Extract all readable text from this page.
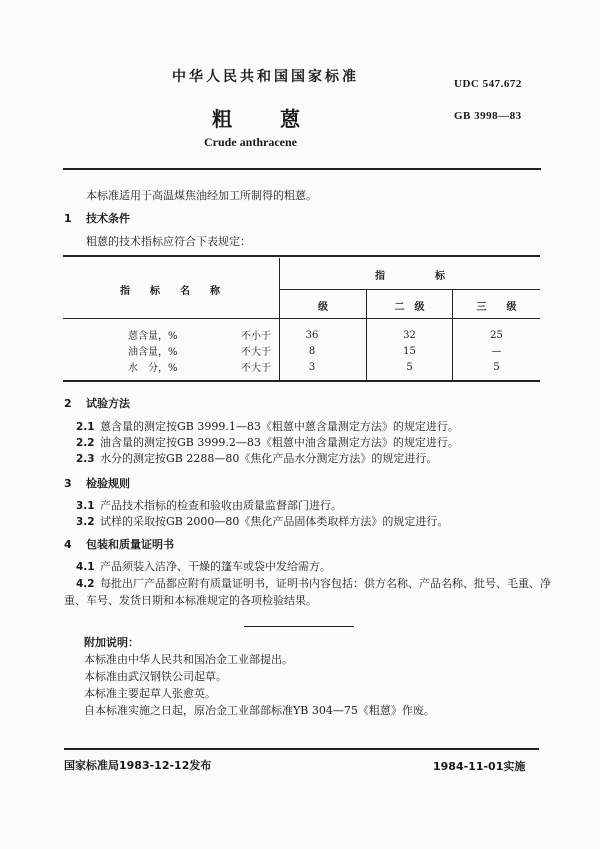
中华人民共和国国家标准	UDC 547.672
粗 蒽	GB 3998—83
Crude anthracene
本标准适用于高温煤焦油经加工所制得的粗蒽。
1 技术条件
粗蒽的技术指标应符合下表规定：
指　　标　　名　　称
指　　　　　标
级	二　级	三　　级
蒽含量，%	不小于	36	32	25
油含量，%	不大于	8	15	—
水　分，%	不大于	3	5	5
2 试验方法
2.1 蒽含量的测定按GB 3999.1—83《粗蒽中蒽含量测定方法》的规定进行。
2.2 油含量的测定按GB 3999.2—83《粗蒽中油含量测定方法》的规定进行。
2.3 水分的测定按GB 2288—80《焦化产品水分测定方法》的规定进行。
3 检验规则
3.1 产品技术指标的检查和验收由质量监督部门进行。
3.2 试样的采取按GB 2000—80《焦化产品固体类取样方法》的规定进行。
4 包装和质量证明书
4.1 产品须装入洁净、干燥的篷车或袋中发给需方。
4.2 每批出厂产品都应附有质量证明书，证明书内容包括：供方名称、产品名称、批号、毛重、净
重、车号、发货日期和本标准规定的各项检验结果。
附加说明：
本标准由中华人民共和国冶金工业部提出。
本标准由武汉钢铁公司起草。
本标准主要起草人张愈英。
自本标准实施之日起，原冶金工业部部标准YB 304—75《粗蒽》作废。
国家标准局1983-12-12发布	1984-11-01实施
